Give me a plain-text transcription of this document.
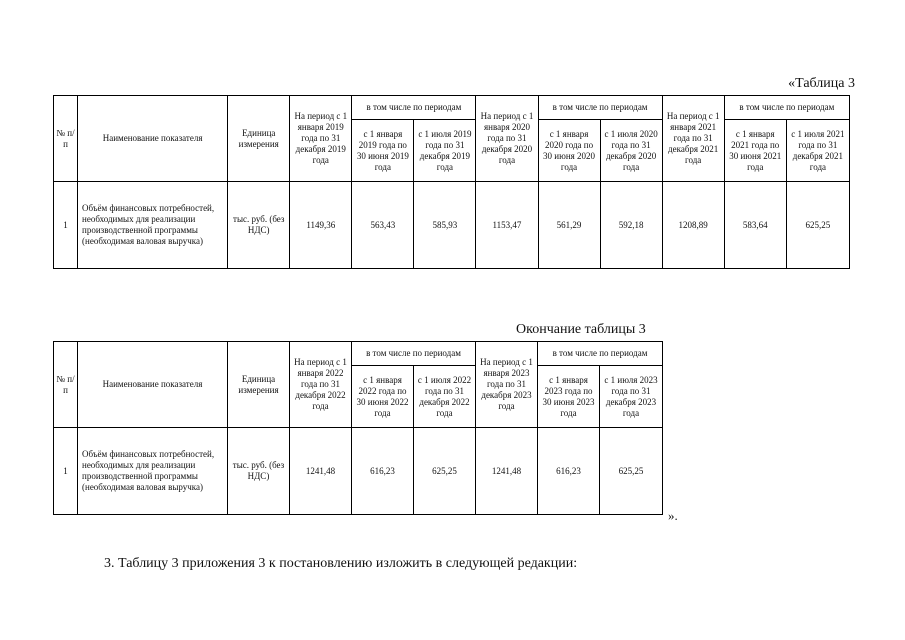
«Таблица 3
№ п/п	Наименование показателя	Единица измерения	На период с 1 января 2019 года по 31 декабря 2019 года	в том числе по периодам		На период с 1 января 2020 года по 31 декабря 2020 года	в том числе по периодам		На период с 1 января 2021 года по 31 декабря 2021 года	в том числе по периодам	
				с 1 января 2019 года по 30 июня 2019 года	с 1 июля 2019 года по 31 декабря 2019 года		с 1 января 2020 года по 30 июня 2020 года	с 1 июля 2020 года по 31 декабря 2020 года		с 1 января 2021 года по 30 июня 2021 года	с 1 июля 2021 года по 31 декабря 2021 года
1	Объём финансовых потребностей, необходимых для реализации производственной программы (необходимая валовая выручка)	тыс. руб. (без НДС)	1149,36	563,43	585,93	1153,47	561,29	592,18	1208,89	583,64	625,25
Окончание таблицы 3
№ п/п	Наименование показателя	Единица измерения	На период с 1 января 2022 года по 31 декабря 2022 года	в том числе по периодам		На период с 1 января 2023 года по 31 декабря 2023 года	в том числе по периодам	
				с 1 января 2022 года по 30 июня 2022 года	с 1 июля 2022 года по 31 декабря 2022 года		с 1 января 2023 года по 30 июня 2023 года	с 1 июля 2023 года по 31 декабря 2023 года
1	Объём финансовых потребностей, необходимых для реализации производственной программы (необходимая валовая выручка)	тыс. руб. (без НДС)	1241,48	616,23	625,25	1241,48	616,23	625,25
».
3. Таблицу 3 приложения 3 к постановлению изложить в следующей редакции:
